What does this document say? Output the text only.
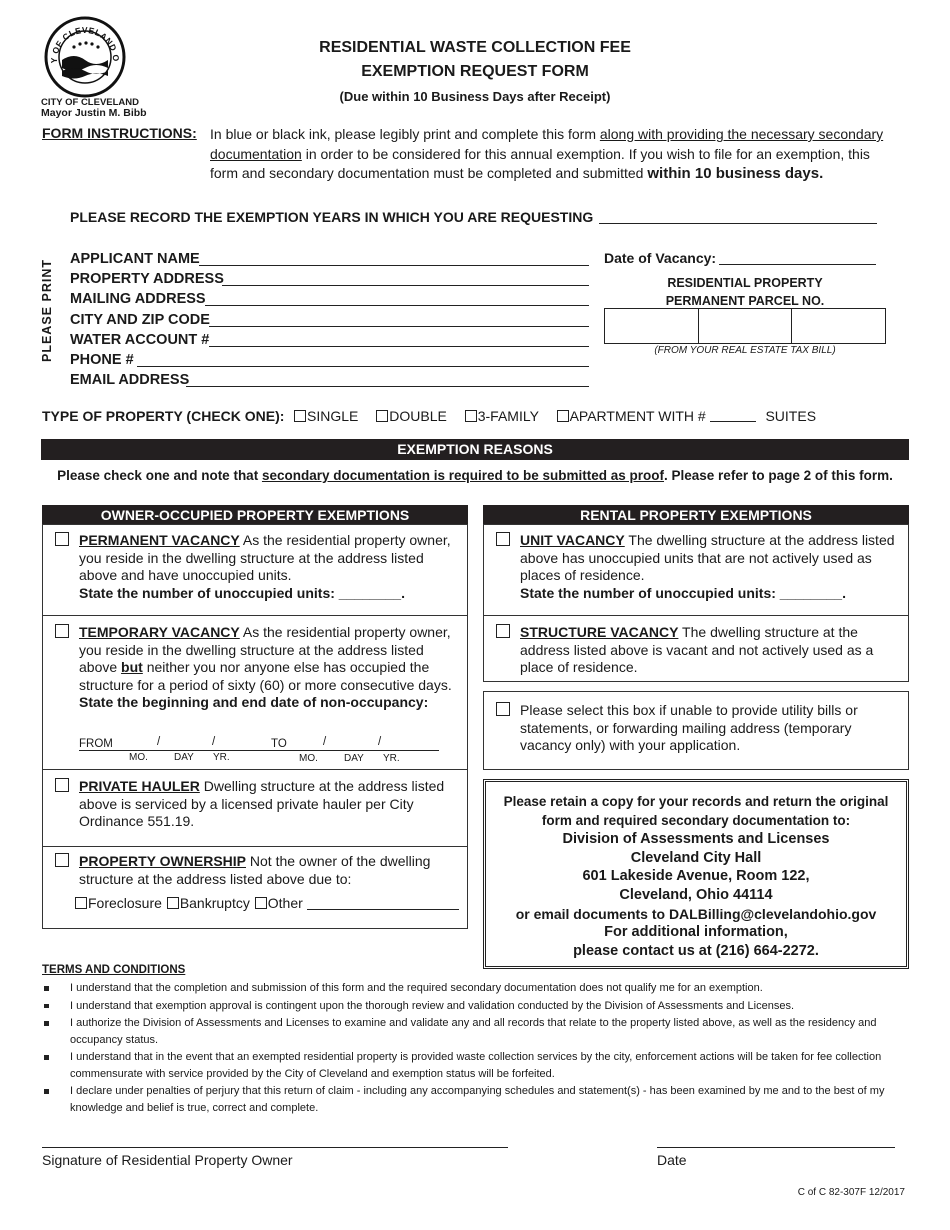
Y OF CLEVELAND O
CITY OF CLEVELAND
Mayor Justin M. Bibb
RESIDENTIAL WASTE COLLECTION FEE
EXEMPTION REQUEST FORM
(Due within 10 Business Days after Receipt)
FORM INSTRUCTIONS: In blue or black ink, please legibly print and complete this form along with providing the necessary secondary documentation in order to be considered for this annual exemption. If you wish to file for an exemption, this form and secondary documentation must be completed and submitted within 10 business days.
PLEASE RECORD THE EXEMPTION YEARS IN WHICH YOU ARE REQUESTING
PLEASE PRINT APPLICANT NAME
PROPERTY ADDRESS
MAILING ADDRESS
CITY AND ZIP CODE
WATER ACCOUNT #
PHONE #
EMAIL ADDRESS
Date of Vacancy:
RESIDENTIAL PROPERTY
PERMANENT PARCEL NO.
(FROM YOUR REAL ESTATE TAX BILL)
TYPE OF PROPERTY (CHECK ONE):	SINGLE DOUBLE 3-FAMILY APARTMENT WITH #	SUITES
EXEMPTION REASONS
Please check one and note that secondary documentation is required to be submitted as proof. Please refer to page 2 of this form.
OWNER-OCCUPIED PROPERTY EXEMPTIONS
PERMANENT VACANCY As the residential property owner, you reside in the dwelling structure at the address listed above and have unoccupied units.
State the number of unoccupied units: ________.
TEMPORARY VACANCY As the residential property owner, you reside in the dwelling structure at the address listed above but neither you nor anyone else has occupied the structure for a period of sixty (60) or more consecutive days.
State the beginning and end date of non-occupancy:
FROM	/	/	TO	/	/
MO.	DAY YR.	MO.	DAY YR.
PRIVATE HAULER Dwelling structure at the address listed above is serviced by a licensed private hauler per City Ordinance 551.19.
PROPERTY OWNERSHIP Not the owner of the dwelling structure at the address listed above due to:
Foreclosure Bankruptcy Other
RENTAL PROPERTY EXEMPTIONS
UNIT VACANCY The dwelling structure at the address listed above has unoccupied units that are not actively used as places of residence.
State the number of unoccupied units: ________.
STRUCTURE VACANCY The dwelling structure at the address listed above is vacant and not actively used as a place of residence.
Please select this box if unable to provide utility bills or statements, or forwarding mailing address (temporary vacancy only) with your application.
Please retain a copy for your records and return the original
form and required secondary documentation to:
Division of Assessments and Licenses
Cleveland City Hall
601 Lakeside Avenue, Room 122,
Cleveland, Ohio 44114
or email documents to DALBilling@clevelandohio.gov
For additional information,
please contact us at (216) 664-2272.
TERMS AND CONDITIONS
I understand that the completion and submission of this form and the required secondary documentation does not qualify me for an exemption.
I understand that exemption approval is contingent upon the thorough review and validation conducted by the Division of Assessments and Licenses.
I authorize the Division of Assessments and Licenses to examine and validate any and all records that relate to the property listed above, as well as the residency and occupancy status.
I understand that in the event that an exempted residential property is provided waste collection services by the city, enforcement actions will be taken for fee collection commensurate with service provided by the City of Cleveland and exemption status will be forfeited.
I declare under penalties of perjury that this return of claim - including any accompanying schedules and statement(s) - has been examined by me and to the best of my knowledge and belief is true, correct and complete.
Signature of Residential Property Owner	Date
C of C 82-307F 12/2017
